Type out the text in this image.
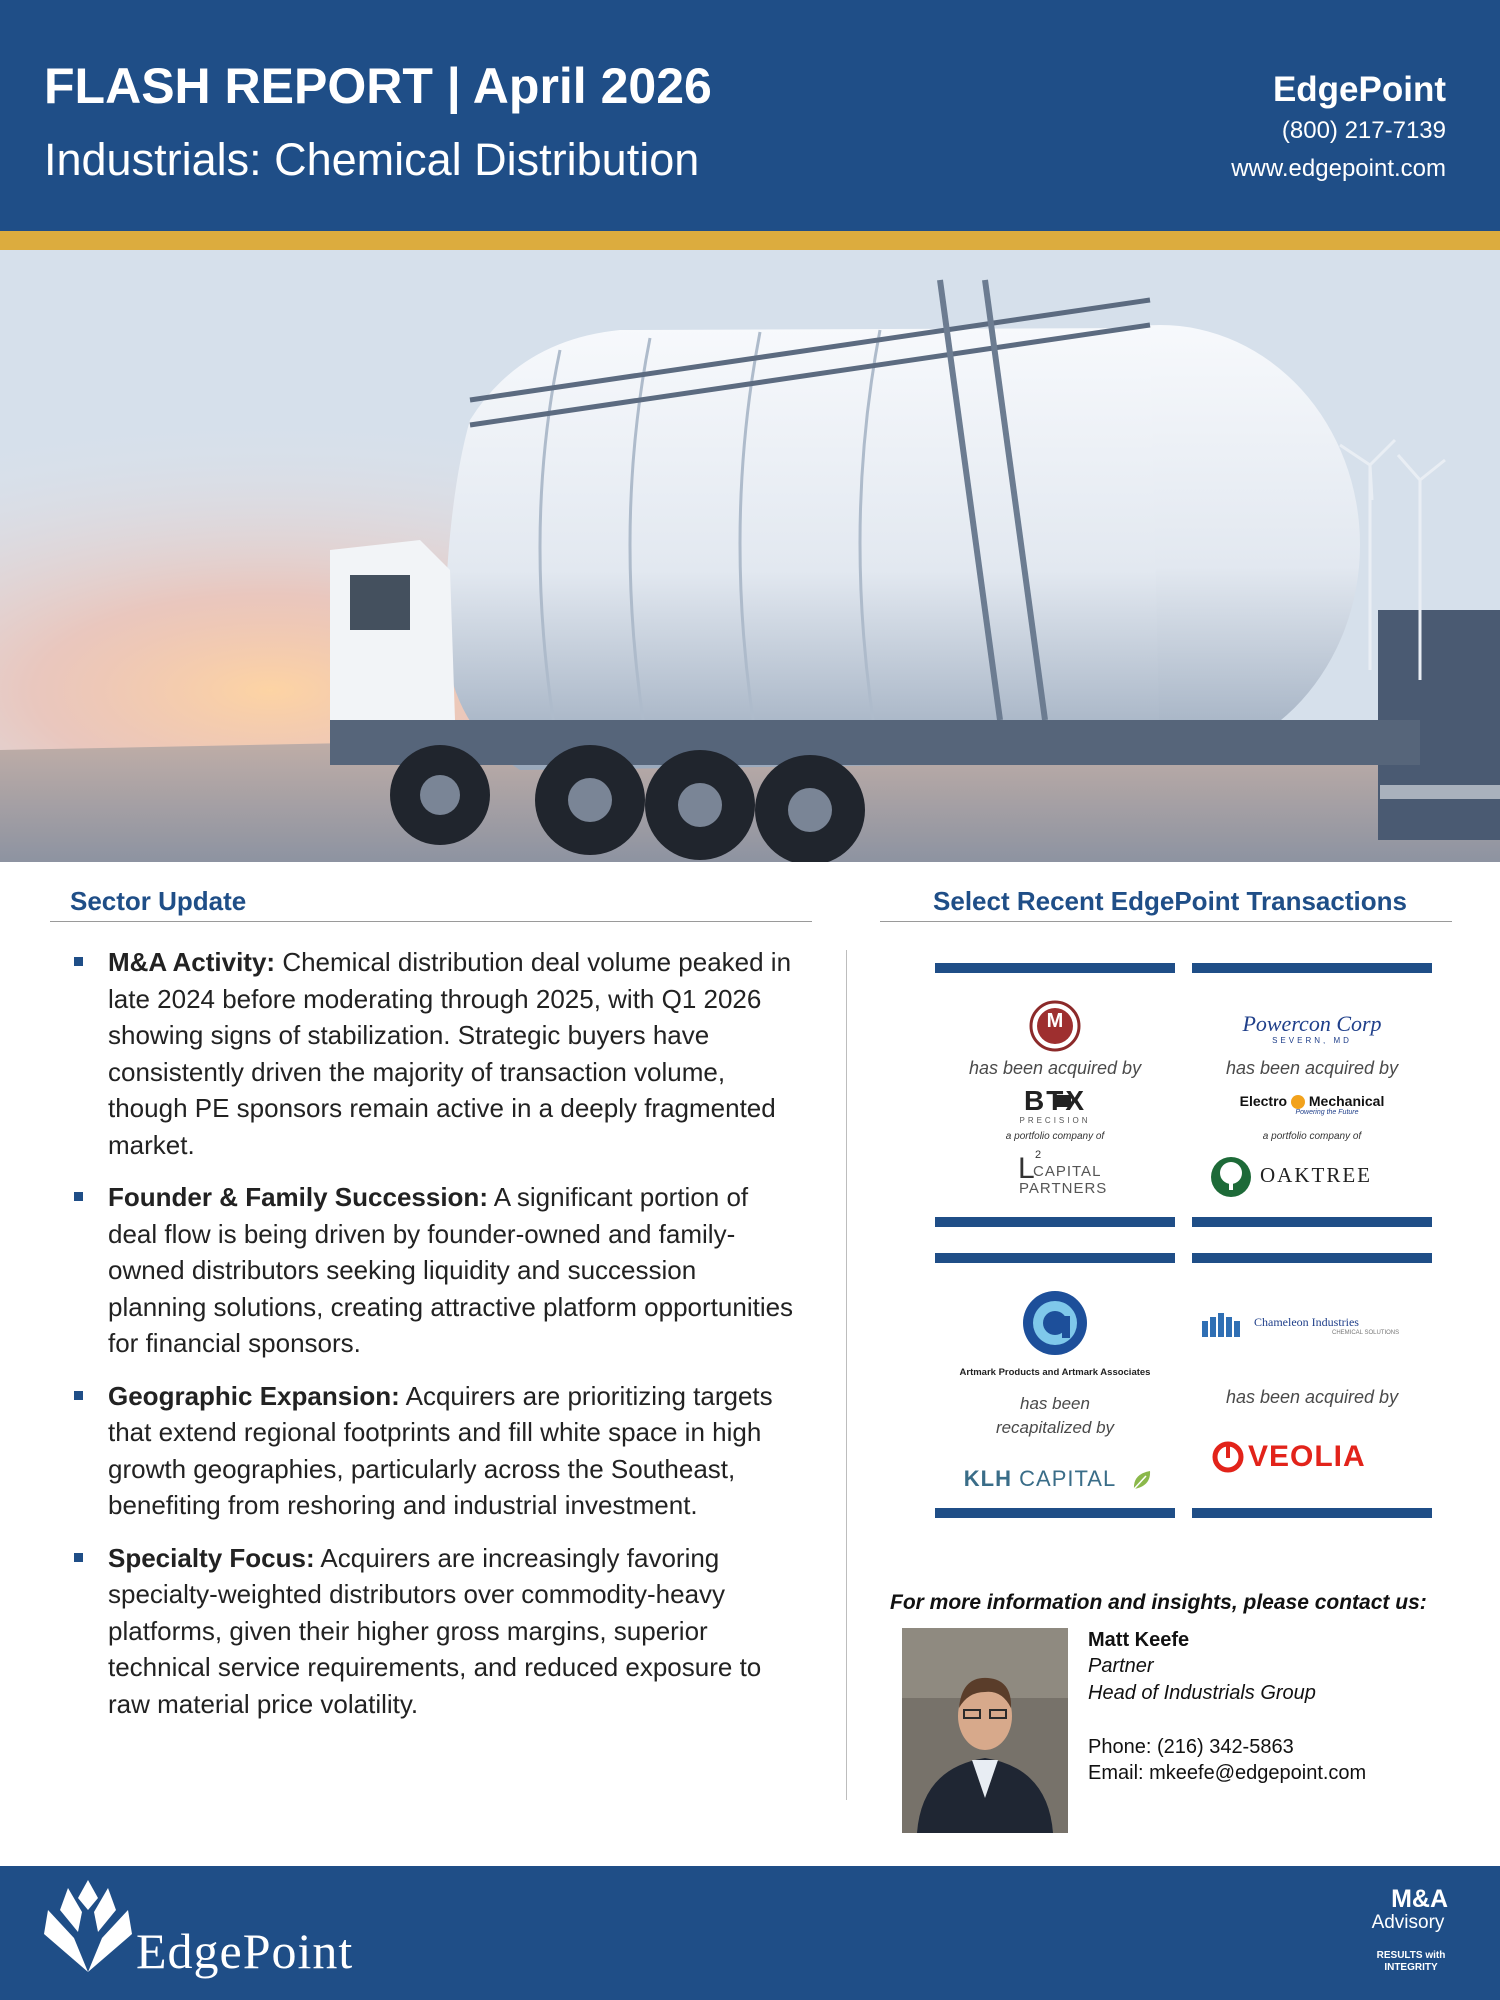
FLASH REPORT | April 2026
Industrials: Chemical Distribution
EdgePoint
(800) 217-7139
www.edgepoint.com
Sector Update
M&A Activity: Chemical distribution deal volume peaked in late 2024 before moderating through 2025, with Q1 2026 showing signs of stabilization. Strategic buyers have consistently driven the majority of transaction volume, though PE sponsors remain active in a deeply fragmented market.
Founder & Family Succession: A significant portion of deal flow is being driven by founder-owned and family-owned distributors seeking liquidity and succession planning solutions, creating attractive platform opportunities for financial sponsors.
Geographic Expansion: Acquirers are prioritizing targets that extend regional footprints and fill white space in high growth geographies, particularly across the Southeast, benefiting from reshoring and industrial investment.
Specialty Focus: Acquirers are increasingly favoring specialty-weighted distributors over commodity-heavy platforms, given their higher gross margins, superior technical service requirements, and reduced exposure to raw material price volatility.
Select Recent EdgePoint Transactions
M
has been acquired by
BTX
PRECISION
a portfolio company of
L 2
CAPITAL
PARTNERS
Powercon Corp
SEVERN, MD
has been acquired by
Electro Mechanical
Powering the Future
a portfolio company of
OAKTREE
Artmark Products and Artmark Associates
has been
recapitalized by
KLH CAPITAL
Chameleon Industries
CHEMICAL SOLUTIONS
has been acquired by
VEOLIA
For more information and insights, please contact us:
Matt Keefe
Partner
Head of Industrials Group
Phone: (216) 342-5863
Email: mkeefe@edgepoint.com
EdgePoint
M&A
Advisory
RESULTS with
INTEGRITY
